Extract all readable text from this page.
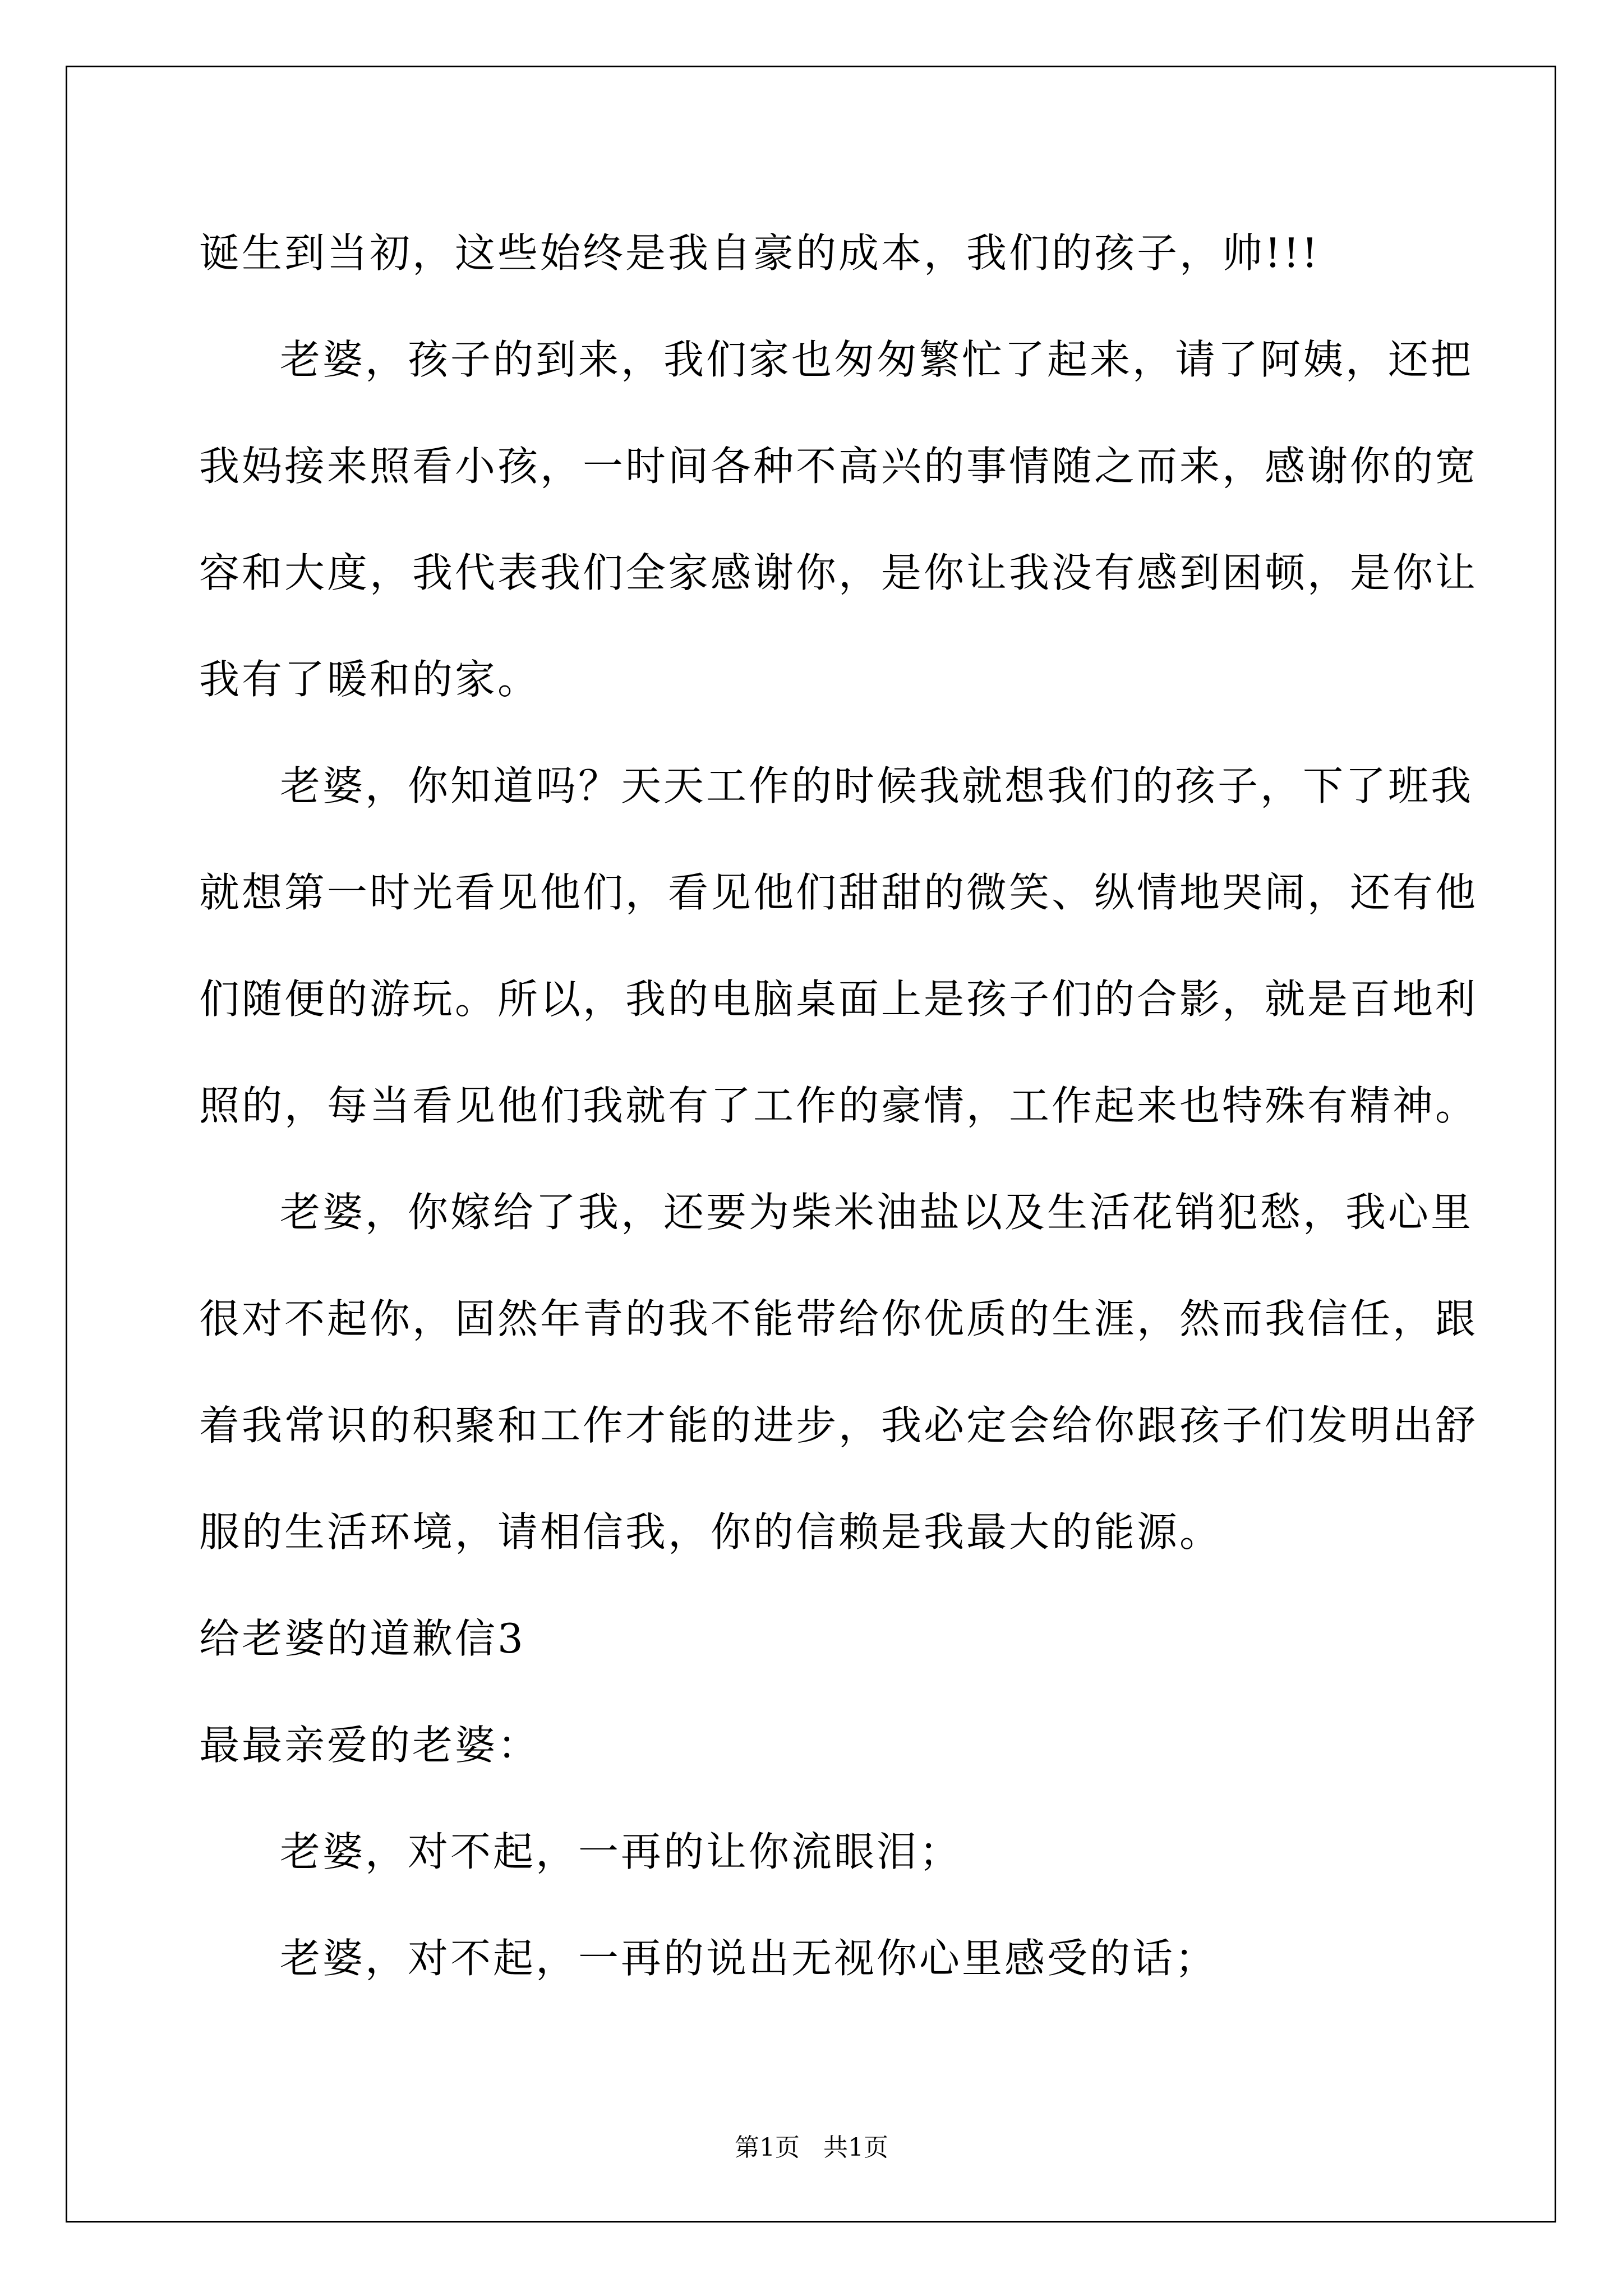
诞生到当初，这些始终是我自豪的成本，我们的孩子，帅!!!
老婆，孩子的到来，我们家也匆匆繁忙了起来，请了阿姨，还把
我妈接来照看小孩，一时间各种不高兴的事情随之而来，感谢你的宽
容和大度，我代表我们全家感谢你，是你让我没有感到困顿，是你让
我有了暖和的家。
老婆，你知道吗？天天工作的时候我就想我们的孩子，下了班我
就想第一时光看见他们，看见他们甜甜的微笑、纵情地哭闹，还有他
们随便的游玩。所以，我的电脑桌面上是孩子们的合影，就是百地利
照的，每当看见他们我就有了工作的豪情，工作起来也特殊有精神。
老婆，你嫁给了我，还要为柴米油盐以及生活花销犯愁，我心里
很对不起你，固然年青的我不能带给你优质的生涯，然而我信任，跟
着我常识的积聚和工作才能的进步，我必定会给你跟孩子们发明出舒
服的生活环境，请相信我，你的信赖是我最大的能源。
给老婆的道歉信3
最最亲爱的老婆：
老婆，对不起，一再的让你流眼泪；
老婆，对不起，一再的说出无视你心里感受的话；
第1页   共1页
